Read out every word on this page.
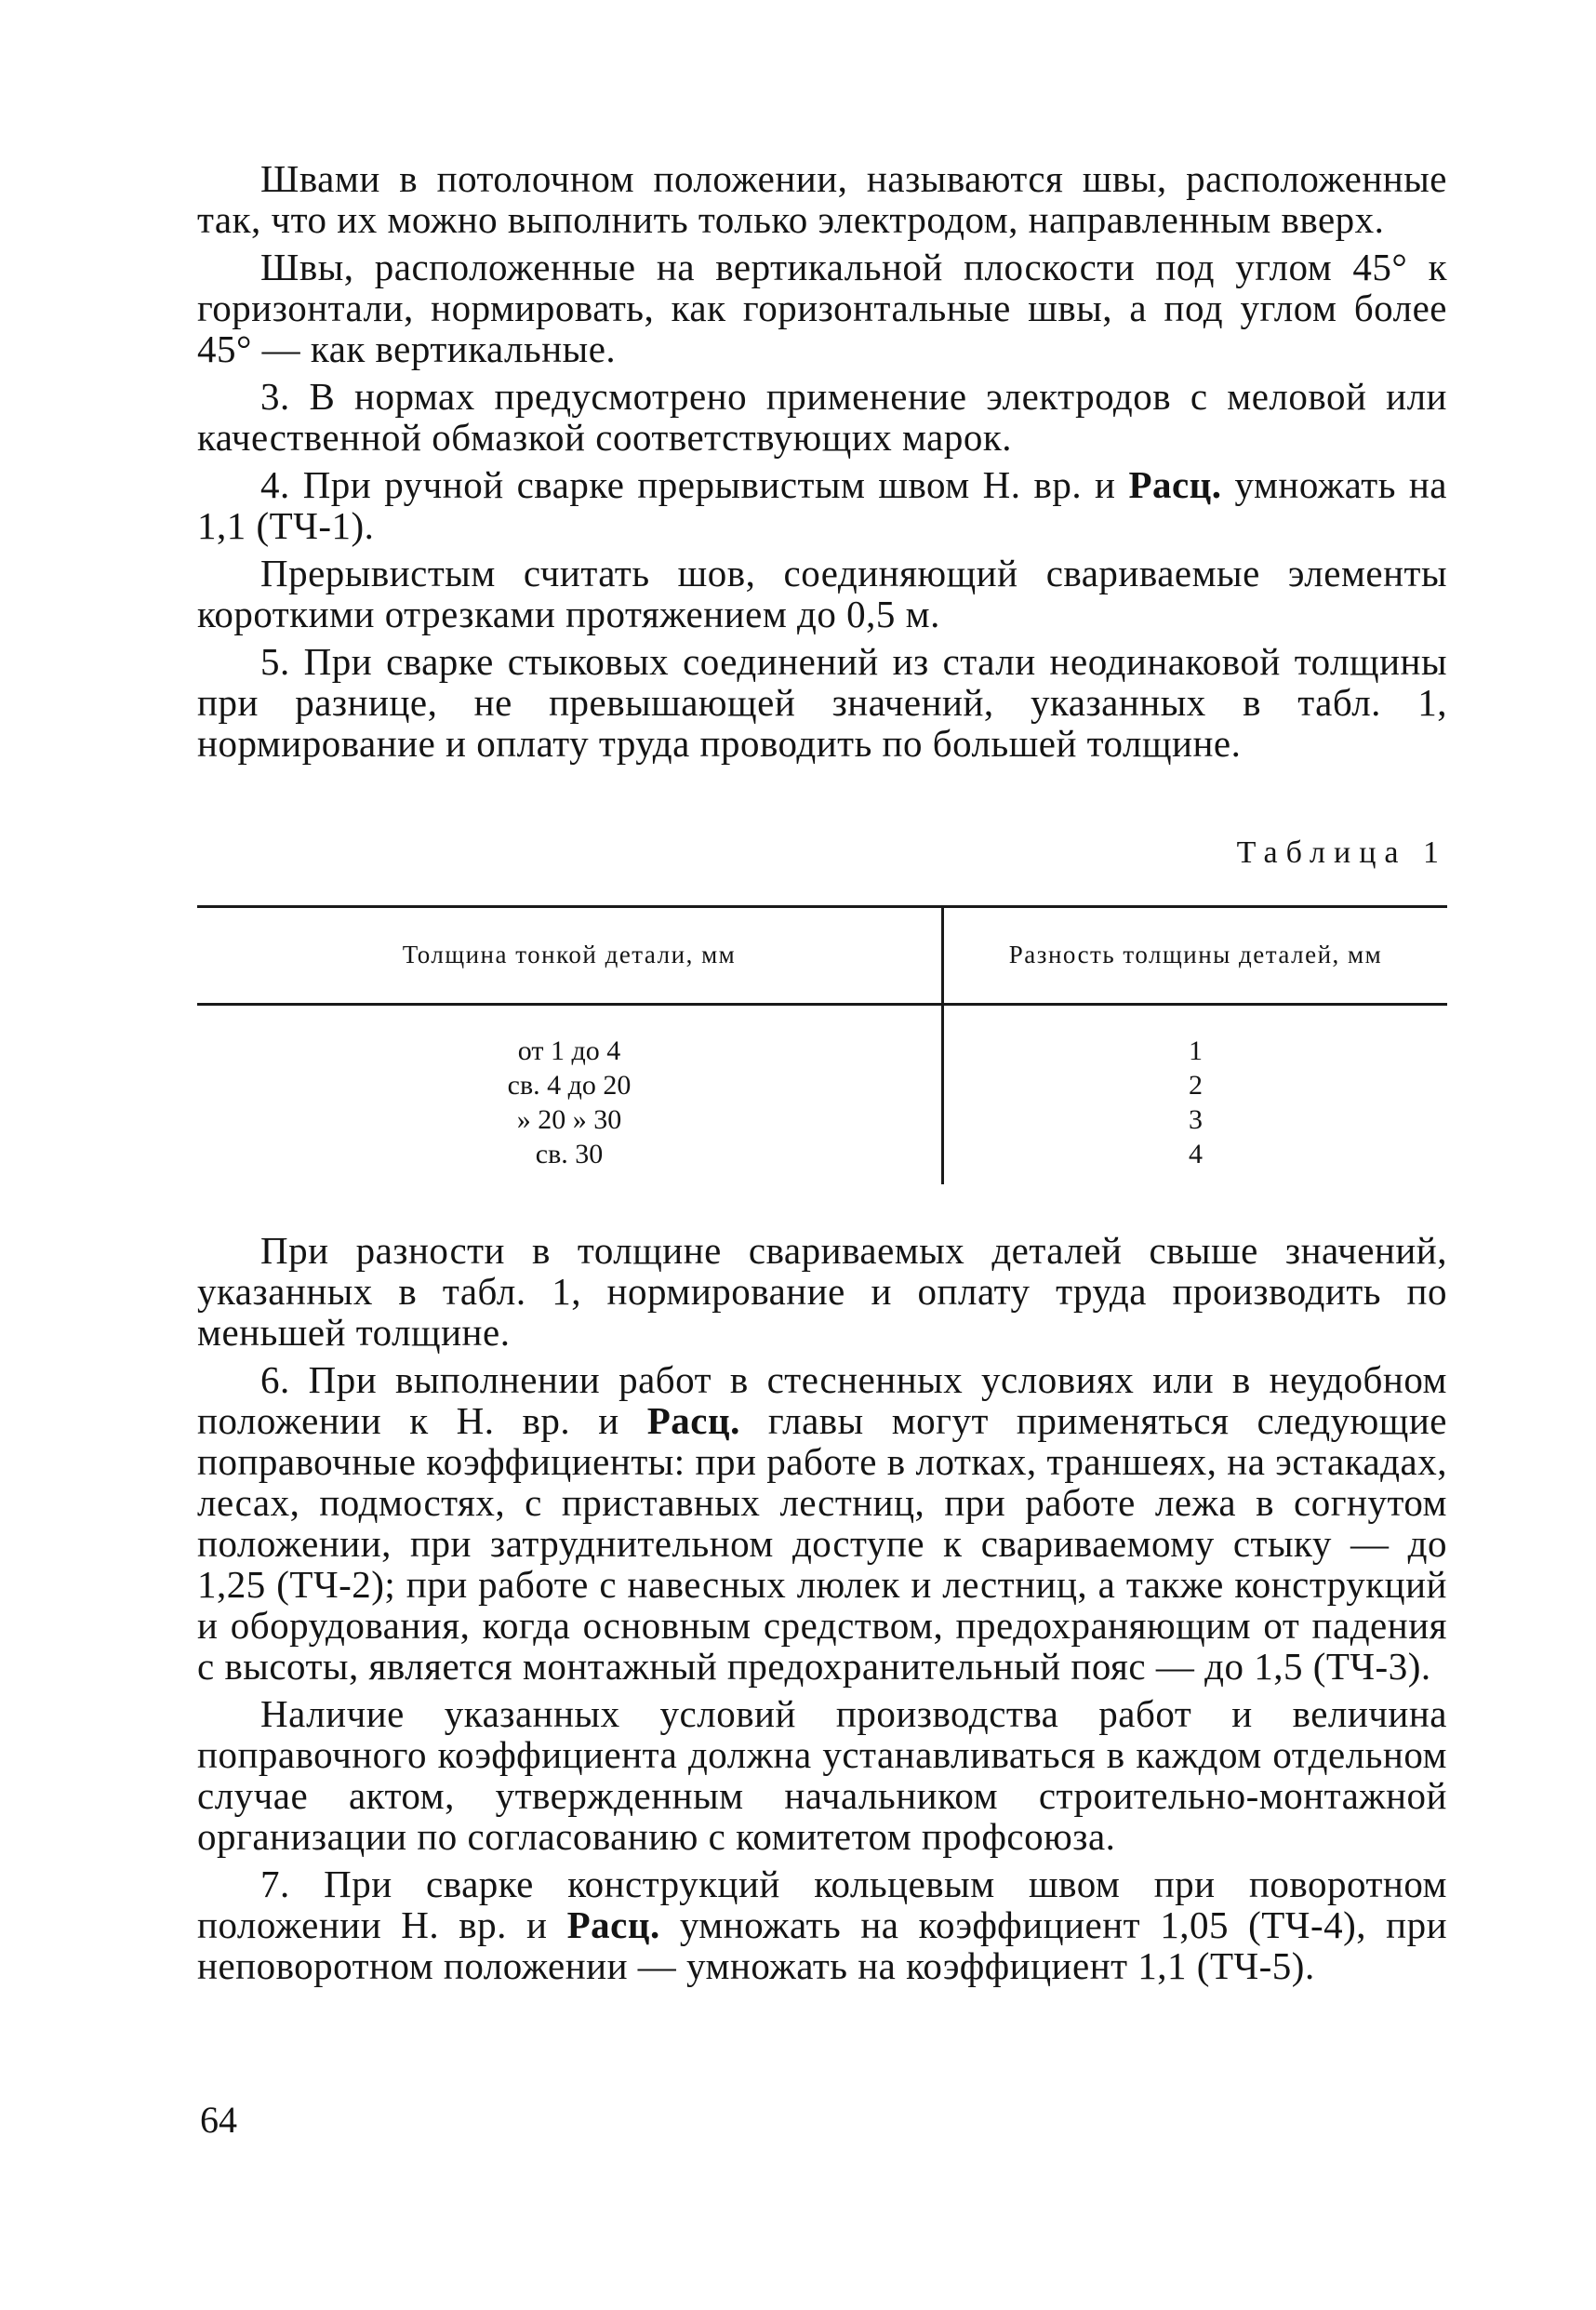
Швами в потолочном положении, называются швы, расположенные так, что их можно выполнить только электродом, направленным вверх.

Швы, расположенные на вертикальной плоскости под углом 45° к горизонтали, нормировать, как горизонтальные швы, а под углом более 45° — как вертикальные.

3. В нормах предусмотрено применение электродов с меловой или качественной обмазкой соответствующих марок.

4. При ручной сварке прерывистым швом Н. вр. и Расц. умножать на 1,1 (ТЧ-1).

Прерывистым считать шов, соединяющий свариваемые элементы короткими отрезками протяжением до 0,5 м.

5. При сварке стыковых соединений из стали неодинаковой толщины при разнице, не превышающей значений, указанных в табл. 1, нормирование и оплату труда проводить по большей толщине.

Таблица 1
Толщина тонкой детали, мм	Разность толщины деталей, мм
от 1 до 4
св. 4 до 20
» 20 » 30
св. 30
1
2
3
4

При разности в толщине свариваемых деталей свыше значений, указанных в табл. 1, нормирование и оплату труда производить по меньшей толщине.

6. При выполнении работ в стесненных условиях или в неудобном положении к Н. вр. и Расц. главы могут применяться следующие поправочные коэффициенты: при работе в лотках, траншеях, на эстакадах, лесах, подмостях, с приставных лестниц, при работе лежа в согнутом положении, при затруднительном доступе к свариваемому стыку — до 1,25 (ТЧ-2); при работе с навесных люлек и лестниц, а также конструкций и оборудования, когда основным средством, предохраняющим от падения с высоты, является монтажный предохранительный пояс — до 1,5 (ТЧ-3).

Наличие указанных условий производства работ и величина поправочного коэффициента должна устанавливаться в каждом отдельном случае актом, утвержденным начальником строительно-монтажной организации по согласованию с комитетом профсоюза.

7. При сварке конструкций кольцевым швом при поворотном положении Н. вр. и Расц. умножать на коэффициент 1,05 (ТЧ-4), при неповоротном положении — умножать на коэффициент 1,1 (ТЧ-5).

64
